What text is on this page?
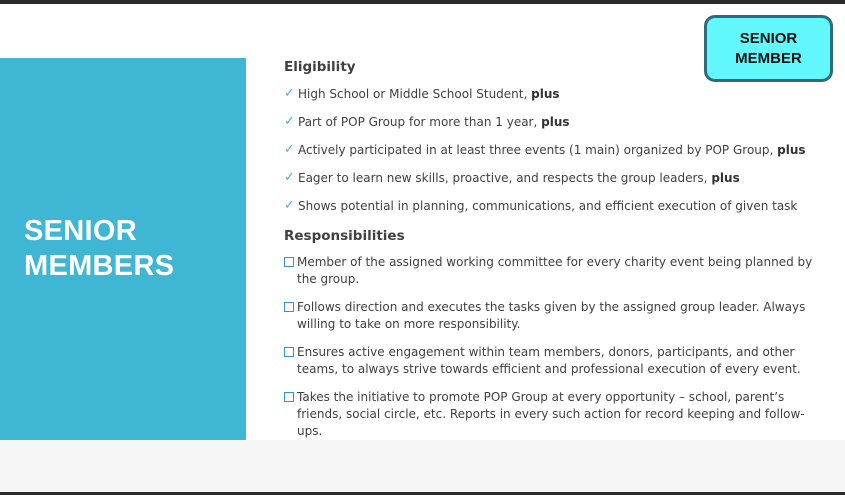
SENIOR
MEMBERS
SENIOR
MEMBER
Eligibility
✓ High School or Middle School Student, plus
✓ Part of POP Group for more than 1 year, plus
✓ Actively participated in at least three events (1 main) organized by POP Group, plus
✓ Eager to learn new skills, proactive, and respects the group leaders, plus
✓ Shows potential in planning, communications, and efficient execution of given task
Responsibilities
Member of the assigned working committee for every charity event being planned by the group.
Follows direction and executes the tasks given by the assigned group leader. Always willing to take on more responsibility.
Ensures active engagement within team members, donors, participants, and other teams, to always strive towards efficient and professional execution of every event.
Takes the initiative to promote POP Group at every opportunity – school, parent’s friends, social circle, etc. Reports in every such action for record keeping and follow-ups.
